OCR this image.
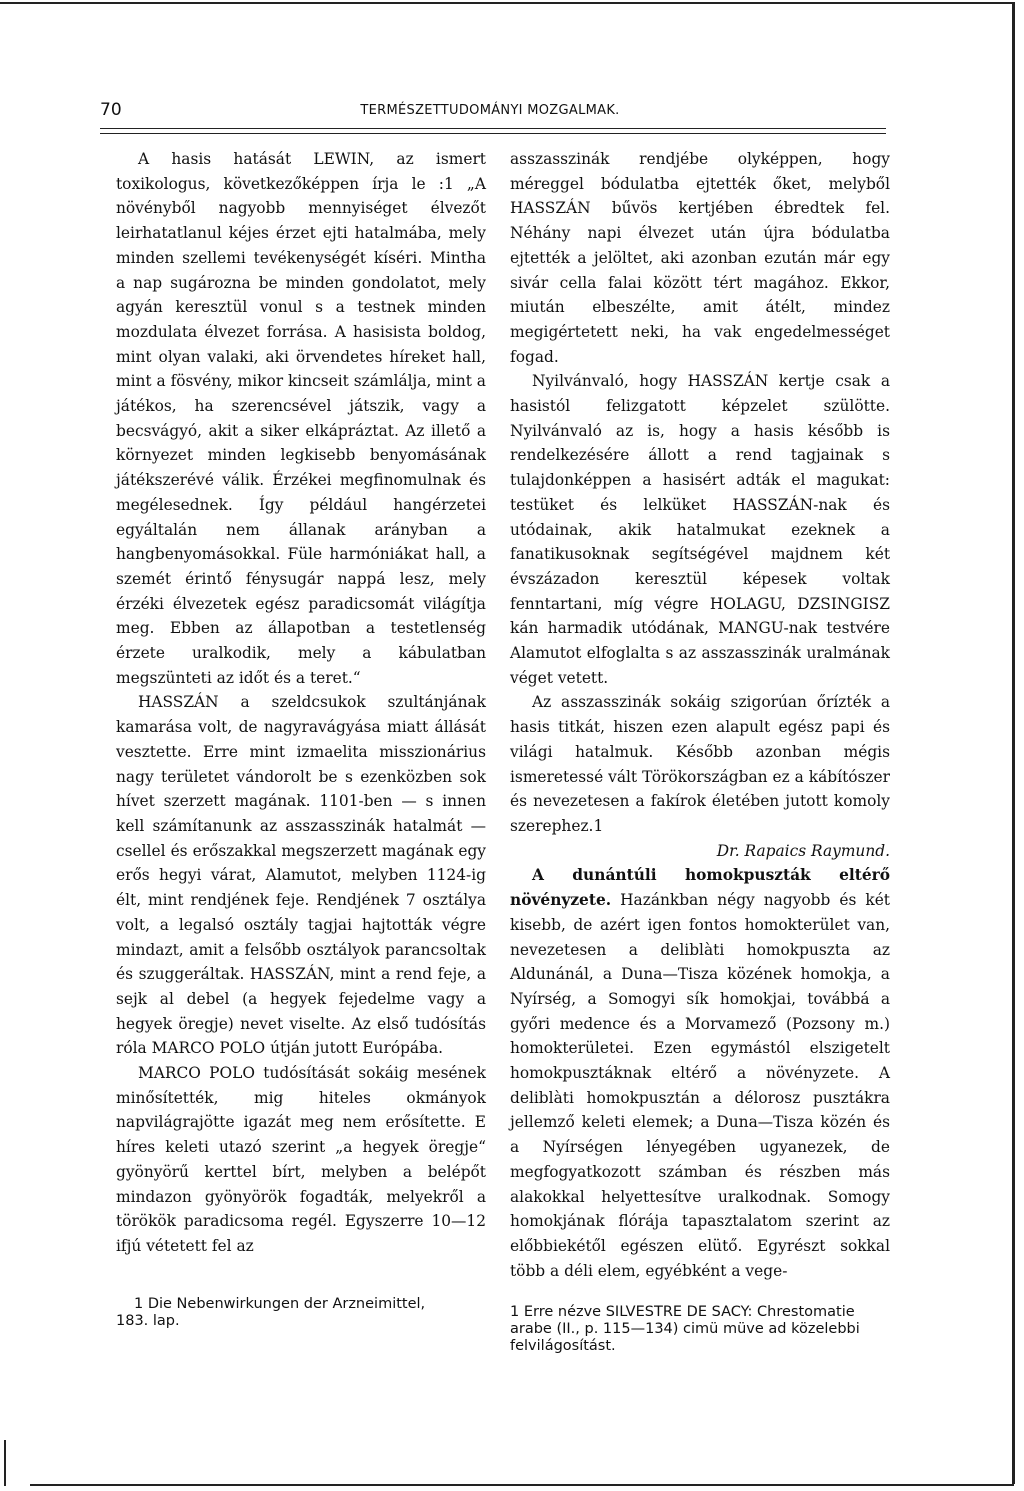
70	TERMÉSZETTUDOMÁNYI MOZGALMAK.

A hasis hatását LEWIN, az ismert toxikologus, következőképpen írja le :1 „A növényből nagyobb mennyiséget élvezőt leirhatatlanul kéjes érzet ejti hatalmába, mely minden szellemi tevékenységét kíséri. Mintha a nap sugározna be minden gondolatot, mely agyán keresztül vonul s a testnek minden mozdulata élvezet forrása. A hasisista boldog, mint olyan valaki, aki örvendetes híreket hall, mint a fösvény, mikor kincseit számlálja, mint a játékos, ha szerencsével játszik, vagy a becsvágyó, akit a siker elkápráztat. Az illető a környezet minden legkisebb benyomásának játékszerévé válik. Érzékei megfinomulnak és megélesednek. Így például hangérzetei egyáltalán nem állanak arányban a hangbenyomásokkal. Füle harmóniákat hall, a szemét érintő fénysugár nappá lesz, mely érzéki élvezetek egész paradicsomát világítja meg. Ebben az állapotban a testetlenség érzete uralkodik, mely a kábulatban megszünteti az időt és a teret.“

HASSZÁN a szeldcsukok szultánjának kamarása volt, de nagyravágyása miatt állását vesztette. Erre mint izmaelita misszionárius nagy területet vándorolt be s ezenközben sok hívet szerzett magának. 1101-ben — s innen kell számítanunk az asszasszinák hatalmát — csellel és erőszakkal megszerzett magának egy erős hegyi várat, Alamutot, melyben 1124-ig élt, mint rendjének feje. Rendjének 7 osztálya volt, a legalsó osztály tagjai hajtották végre mindazt, amit a felsőbb osztályok parancsoltak és szuggeráltak. HASSZÁN, mint a rend feje, a sejk al debel (a hegyek fejedelme vagy a hegyek öregje) nevet viselte. Az első tudósítás róla MARCO POLO útján jutott Európába.

MARCO POLO tudósítását sokáig mesének minősítették, mig hiteles okmányok napvilágrajötte igazát meg nem erősítette. E híres keleti utazó szerint „a hegyek öregje“ gyönyörű kerttel bírt, melyben a belépőt mindazon gyönyörök fogadták, melyekről a törökök paradicsoma regél. Egyszerre 10—12 ifjú vétetett fel az

asszasszinák rendjébe olyképpen, hogy méreggel bódulatba ejtették őket, melyből HASSZÁN bűvös kertjében ébredtek fel. Néhány napi élvezet után újra bódulatba ejtették a jelöltet, aki azonban ezután már egy sivár cella falai között tért magához. Ekkor, miután elbeszélte, amit átélt, mindez megigértetett neki, ha vak engedelmességet fogad.

Nyilvánvaló, hogy HASSZÁN kertje csak a hasistól felizgatott képzelet szülötte. Nyilvánvaló az is, hogy a hasis később is rendelkezésére állott a rend tagjainak s tulajdonképpen a hasisért adták el magukat: testüket és lelküket HASSZÁN-nak és utódainak, akik hatalmukat ezeknek a fanatikusoknak segítségével majdnem két évszázadon keresztül képesek voltak fenntartani, míg végre HOLAGU, DZSINGISZ kán harmadik utódának, MANGU-nak testvére Alamutot elfoglalta s az asszasszinák uralmának véget vetett.

Az asszasszinák sokáig szigorúan őrízték a hasis titkát, hiszen ezen alapult egész papi és világi hatalmuk. Később azonban mégis ismeretessé vált Törökországban ez a kábítószer és nevezetesen a fakírok életében jutott komoly szerephez.1

Dr. Rapaics Raymund.

A dunántúli homokpuszták eltérő növényzete. Hazánkban négy nagyobb és két kisebb, de azért igen fontos homokterület van, nevezetesen a deliblàti homokpuszta az Aldunánál, a Duna—Tisza közének homokja, a Nyírség, a Somogyi sík homokjai, továbbá a győri medence és a Morvamező (Pozsony m.) homokterületei. Ezen egymástól elszigetelt homokpusztáknak eltérő a növényzete. A deliblàti homokpusztán a délorosz pusztákra jellemző keleti elemek; a Duna—Tisza közén és a Nyírségen lényegében ugyanezek, de megfogyatkozott számban és részben más alakokkal helyettesítve uralkodnak. Somogy homokjának flórája tapasztalatom szerint az előbbiekétől egészen elütő. Egyrészt sokkal több a déli elem, egyébként a vege-

1 Die Nebenwirkungen der Arzneimittel,

183. lap.

1 Erre nézve SILVESTRE DE SACY: Chrestomatie arabe (II., p. 115—134) cimü müve ad közelebbi felvilágosítást.
